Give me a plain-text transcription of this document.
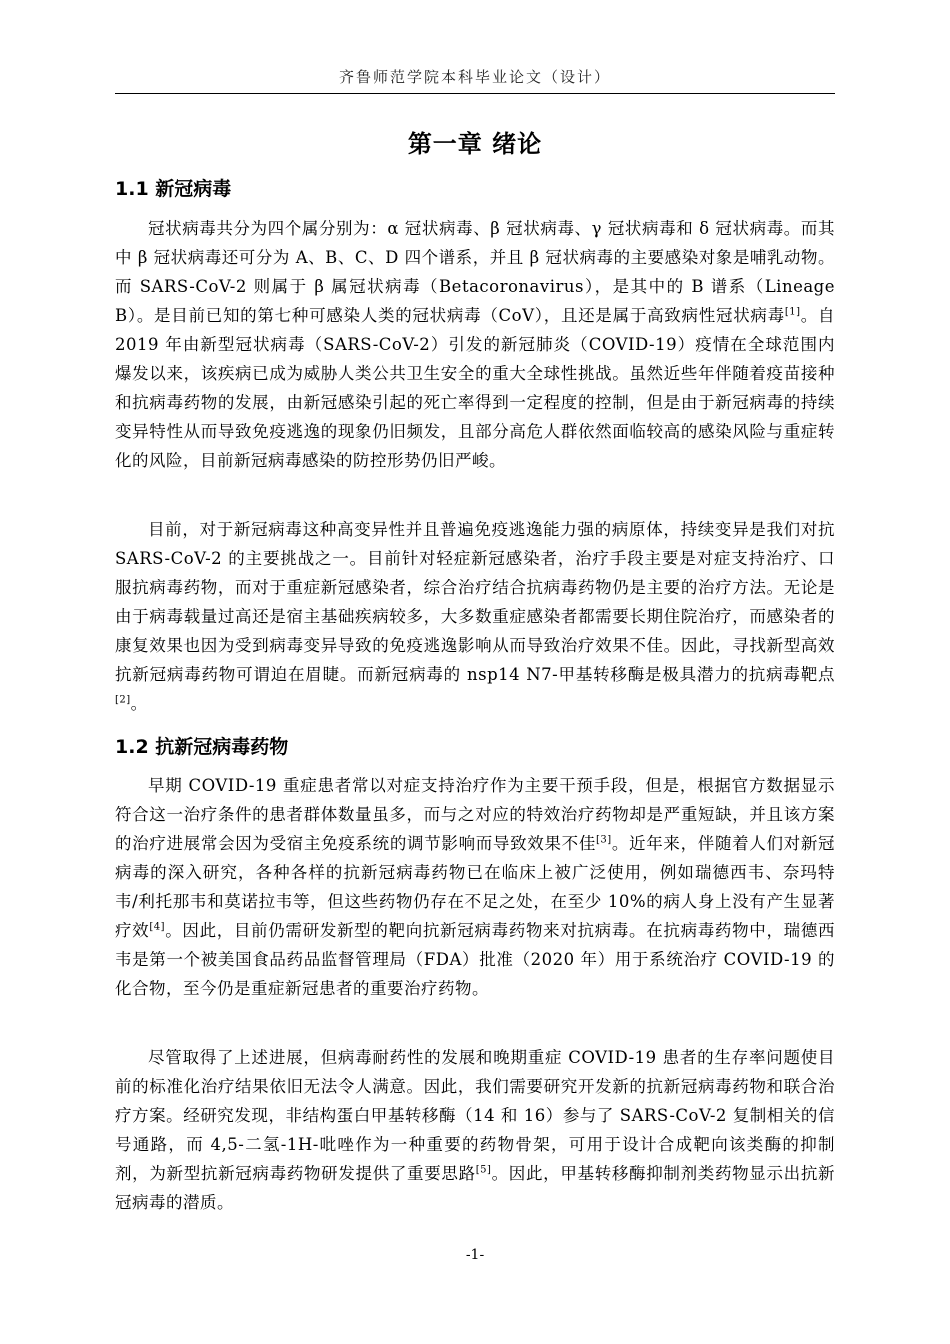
齐鲁师范学院本科毕业论文（设计）
第一章 绪论
1.1 新冠病毒

冠状病毒共分为四个属分别为：α 冠状病毒、β 冠状病毒、γ 冠状病毒和 δ 冠状病毒。而其中 β 冠状病毒还可分为 A、B、C、D 四个谱系，并且 β 冠状病毒的主要感染对象是哺乳动物。而 SARS-CoV-2 则属于 β 属冠状病毒（Betacoronavirus），是其中的 B 谱系（Lineage B）。是目前已知的第七种可感染人类的冠状病毒（CoV），且还是属于高致病性冠状病毒[1]。自 2019 年由新型冠状病毒（SARS-CoV-2）引发的新冠肺炎（COVID-19）疫情在全球范围内爆发以来，该疾病已成为威胁人类公共卫生安全的重大全球性挑战。虽然近些年伴随着疫苗接种和抗病毒药物的发展，由新冠感染引起的死亡率得到一定程度的控制，但是由于新冠病毒的持续变异特性从而导致免疫逃逸的现象仍旧频发，且部分高危人群依然面临较高的感染风险与重症转化的风险，目前新冠病毒感染的防控形势仍旧严峻。

目前，对于新冠病毒这种高变异性并且普遍免疫逃逸能力强的病原体，持续变异是我们对抗 SARS-CoV-2 的主要挑战之一。目前针对轻症新冠感染者，治疗手段主要是对症支持治疗、口服抗病毒药物，而对于重症新冠感染者，综合治疗结合抗病毒药物仍是主要的治疗方法。无论是由于病毒载量过高还是宿主基础疾病较多，大多数重症感染者都需要长期住院治疗，而感染者的康复效果也因为受到病毒变异导致的免疫逃逸影响从而导致治疗效果不佳。因此，寻找新型高效抗新冠病毒药物可谓迫在眉睫。而新冠病毒的 nsp14 N7-甲基转移酶是极具潜力的抗病毒靶点[2]。

1.2 抗新冠病毒药物

早期 COVID-19 重症患者常以对症支持治疗作为主要干预手段，但是，根据官方数据显示符合这一治疗条件的患者群体数量虽多，而与之对应的特效治疗药物却是严重短缺，并且该方案的治疗进展常会因为受宿主免疫系统的调节影响而导致效果不佳[3]。近年来，伴随着人们对新冠病毒的深入研究，各种各样的抗新冠病毒药物已在临床上被广泛使用，例如瑞德西韦、奈玛特韦/利托那韦和莫诺拉韦等，但这些药物仍存在不足之处，在至少 10%的病人身上没有产生显著疗效[4]。因此，目前仍需研发新型的靶向抗新冠病毒药物来对抗病毒。在抗病毒药物中，瑞德西韦是第一个被美国食品药品监督管理局（FDA）批准（2020 年）用于系统治疗 COVID-19 的化合物，至今仍是重症新冠患者的重要治疗药物。

尽管取得了上述进展，但病毒耐药性的发展和晚期重症 COVID-19 患者的生存率问题使目前的标准化治疗结果依旧无法令人满意。因此，我们需要研究开发新的抗新冠病毒药物和联合治疗方案。经研究发现，非结构蛋白甲基转移酶（14 和 16）参与了 SARS-CoV-2 复制相关的信号通路，而 4,5-二氢-1H-吡唑作为一种重要的药物骨架，可用于设计合成靶向该类酶的抑制剂，为新型抗新冠病毒药物研发提供了重要思路[5]。因此，甲基转移酶抑制剂类药物显示出抗新冠病毒的潜质。

-1-
